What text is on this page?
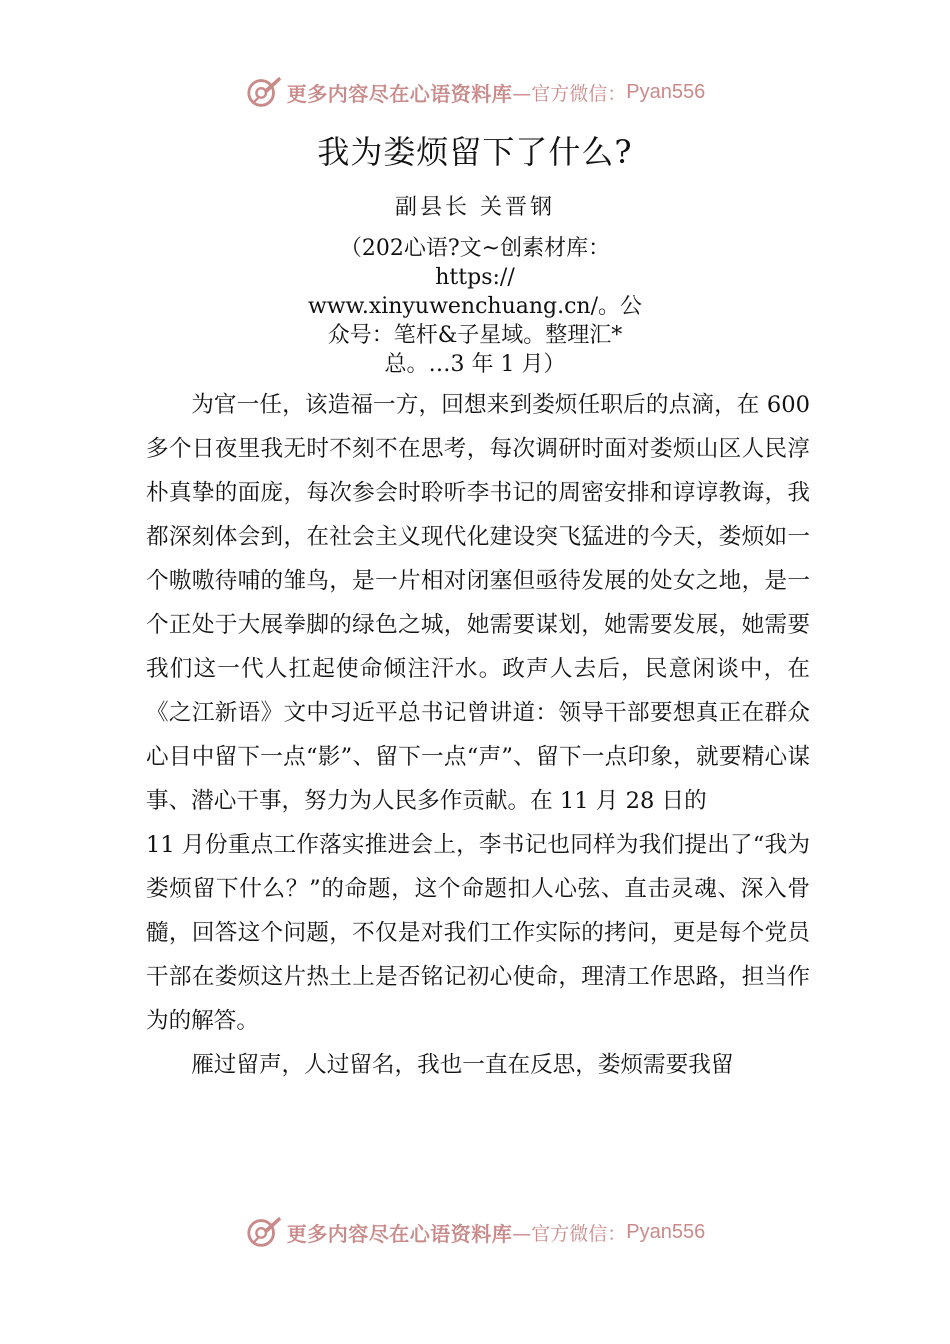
更多内容尽在心语资料库 —官方微信： Pyan556
我为娄烦留下了什么?
副县长 关晋钢
（202心语?文~创素材库：
https://
www.xinyuwenchuang.cn/。公
众号：笔杆&子星域。整理汇*
总。…3 年 1 月）

为官一任，该造福一方，回想来到娄烦任职后的点滴，在 600 多个日夜里我无时不刻不在思考，每次调研时面对娄烦山区人民淳朴真挚的面庞，每次参会时聆听李书记的周密安排和谆谆教诲，我都深刻体会到，在社会主义现代化建设突飞猛进的今天，娄烦如一个嗷嗷待哺的雏鸟，是一片相对闭塞但亟待发展的处女之地，是一个正处于大展拳脚的绿色之城，她需要谋划，她需要发展，她需要我们这一代人扛起使命倾注汗水。政声人去后，民意闲谈中，在《之江新语》文中习近平总书记曾讲道：领导干部要想真正在群众心目中留下一点“影”、留下一点“声”、留下一点印象，就要精心谋事、潜心干事，努力为人民多作贡献。在 11 月 28 日的

11 月份重点工作落实推进会上，李书记也同样为我们提出了“我为娄烦留下什么？”的命题，这个命题扣人心弦、直击灵魂、深入骨髓，回答这个问题，不仅是对我们工作实际的拷问，更是每个党员干部在娄烦这片热土上是否铭记初心使命，理清工作思路，担当作为的解答。

雁过留声，人过留名，我也一直在反思，娄烦需要我留

更多内容尽在心语资料库 —官方微信： Pyan556
